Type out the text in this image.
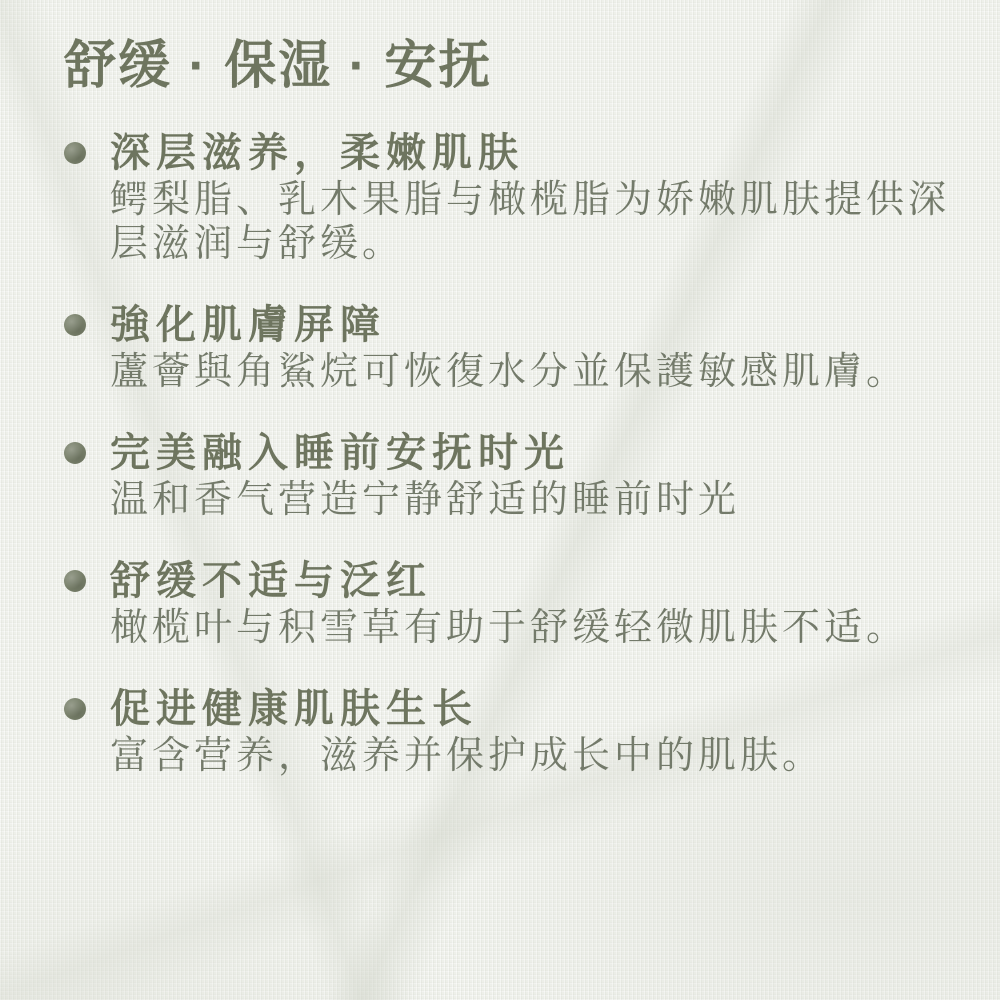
舒缓 · 保湿 · 安抚
深层滋养，柔嫩肌肤
鳄梨脂、乳木果脂与橄榄脂为娇嫩肌肤提供深层滋润与舒缓。
強化肌膚屏障
蘆薈與角鯊烷可恢復水分並保護敏感肌膚。
完美融入睡前安抚时光
温和香气营造宁静舒适的睡前时光
舒缓不适与泛红
橄榄叶与积雪草有助于舒缓轻微肌肤不适。
促进健康肌肤生长
富含营养，滋养并保护成长中的肌肤。
